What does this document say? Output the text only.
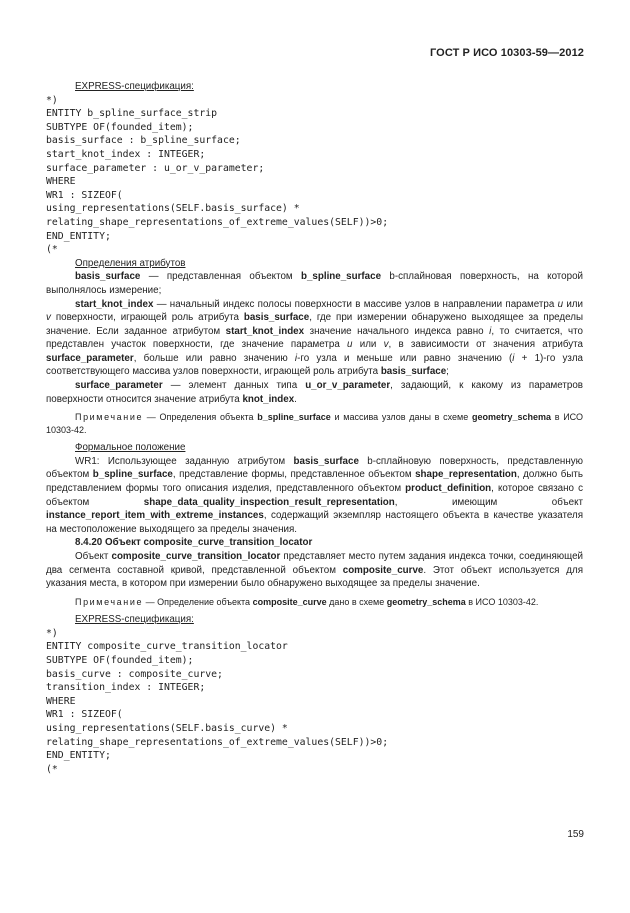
ГОСТ Р ИСО 10303-59—2012
EXPRESS-спецификация:
*)
ENTITY b_spline_surface_strip
SUBTYPE OF(founded_item);
basis_surface : b_spline_surface;
start_knot_index : INTEGER;
surface_parameter : u_or_v_parameter;
WHERE
WR1 : SIZEOF(
using_representations(SELF.basis_surface) *
relating_shape_representations_of_extreme_values(SELF))>0;
END_ENTITY;
(*
Определения атрибутов

basis_surface — представленная объектом b_spline_surface b-сплайновая поверхность, на которой выполнялось измерение;

start_knot_index — начальный индекс полосы поверхности в массиве узлов в направлении параметра u или v поверхности, играющей роль атрибута basis_surface, где при измерении обнаружено выходящее за пределы значение. Если заданное атрибутом start_knot_index значение начального индекса равно i, то считается, что представлен участок поверхности, где значение параметра u или v, в зависимости от значения атрибута surface_parameter, больше или равно значению i-го узла и меньше или равно значению (i + 1)-го узла соответствующего массива узлов поверхности, играющей роль атрибута basis_surface;

surface_parameter — элемент данных типа u_or_v_parameter, задающий, к какому из параметров поверхности относится значение атрибута knot_index.

Примечание — Определения объекта b_spline_surface и массива узлов даны в схеме geometry_schema в ИСО 10303-42.

Формальное положение

WR1: Использующее заданную атрибутом basis_surface b-сплайновую поверхность, представленную объектом b_spline_surface, представление формы, представленное объектом shape_representation, должно быть представлением формы того описания изделия, представленного объектом product_definition, которое связано с объектом shape_data_quality_inspection_result_representation, имеющим объект instance_report_item_with_extreme_instances, содержащий экземпляр настоящего объекта в качестве указателя на местоположение выходящего за пределы значения.

8.4.20 Объект composite_curve_transition_locator

Объект composite_curve_transition_locator представляет место путем задания индекса точки, соединяющей два сегмента составной кривой, представленной объектом composite_curve. Этот объект используется для указания места, в котором при измерении было обнаружено выходящее за пределы значение.

Примечание — Определение объекта composite_curve дано в схеме geometry_schema в ИСО 10303-42.

EXPRESS-спецификация:
*)
ENTITY composite_curve_transition_locator
SUBTYPE OF(founded_item);
basis_curve : composite_curve;
transition_index : INTEGER;
WHERE
WR1 : SIZEOF(
using_representations(SELF.basis_curve) *
relating_shape_representations_of_extreme_values(SELF))>0;
END_ENTITY;
(*
159
